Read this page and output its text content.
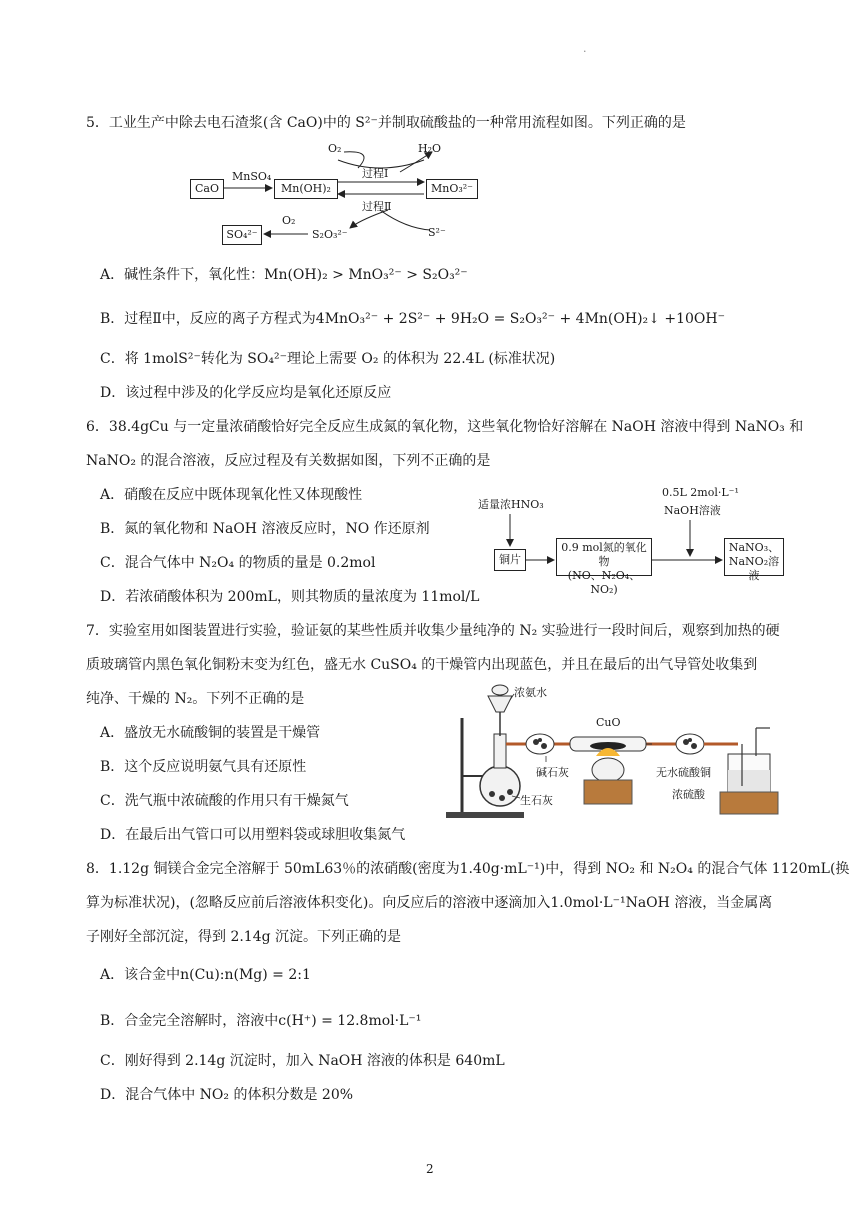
.
5．工业生产中除去电石渣浆(含 CaO)中的 S²⁻并制取硫酸盐的一种常用流程如图。下列正确的是
CaO
MnSO₄
Mn(OH)₂	MnO₃²⁻
O₂	H₂O
过程Ⅰ
过程Ⅱ
O₂
SO₄²⁻	S₂O₃²⁻	S²⁻
A．碱性条件下，氧化性：Mn(OH)₂ > MnO₃²⁻ > S₂O₃²⁻
B．过程Ⅱ中，反应的离子方程式为4MnO₃²⁻ + 2S²⁻ + 9H₂O = S₂O₃²⁻ + 4Mn(OH)₂↓ +10OH⁻
C．将 1molS²⁻转化为 SO₄²⁻理论上需要 O₂ 的体积为 22.4L (标准状况)
D．该过程中涉及的化学反应均是氧化还原反应
6．38.4gCu 与一定量浓硝酸恰好完全反应生成氮的氧化物，这些氧化物恰好溶解在 NaOH 溶液中得到 NaNO₃ 和
NaNO₂ 的混合溶液，反应过程及有关数据如图，下列不正确的是
A．硝酸在反应中既体现氧化性又体现酸性
B．氮的氧化物和 NaOH 溶液反应时，NO 作还原剂
C．混合气体中 N₂O₄ 的物质的量是 0.2mol
D．若浓硝酸体积为 200mL，则其物质的量浓度为 11mol/L
适量浓HNO₃
0.5L 2mol·L⁻¹
NaOH溶液
铜片
0.9 mol氮的氧化物
(NO、N₂O₄、NO₂)
NaNO₃、
NaNO₂溶液
7．实验室用如图装置进行实验，验证氨的某些性质并收集少量纯净的 N₂ 实验进行一段时间后，观察到加热的硬
质玻璃管内黑色氧化铜粉末变为红色，盛无水 CuSO₄ 的干燥管内出现蓝色，并且在最后的出气导管处收集到
纯净、干燥的 N₂。下列不正确的是
A．盛放无水硫酸铜的装置是干燥管
B．这个反应说明氨气具有还原性
C．洗气瓶中浓硫酸的作用只有干燥氮气
D．在最后出气管口可以用塑料袋或球胆收集氮气
浓氨水
CuO
碱石灰	无水硫酸铜
生石灰	浓硫酸
8．1.12g 铜镁合金完全溶解于 50mL63％的浓硝酸(密度为1.40g·mL⁻¹)中，得到 NO₂ 和 N₂O₄ 的混合气体 1120mL(换
算为标准状况)，(忽略反应前后溶液体积变化)。向反应后的溶液中逐滴加入1.0mol·L⁻¹NaOH 溶液，当金属离
子刚好全部沉淀，得到 2.14g 沉淀。下列正确的是
A．该合金中n(Cu):n(Mg) = 2:1
B．合金完全溶解时，溶液中c(H⁺) = 12.8mol·L⁻¹
C．刚好得到 2.14g 沉淀时，加入 NaOH 溶液的体积是 640mL
D．混合气体中 NO₂ 的体积分数是 20%
2
